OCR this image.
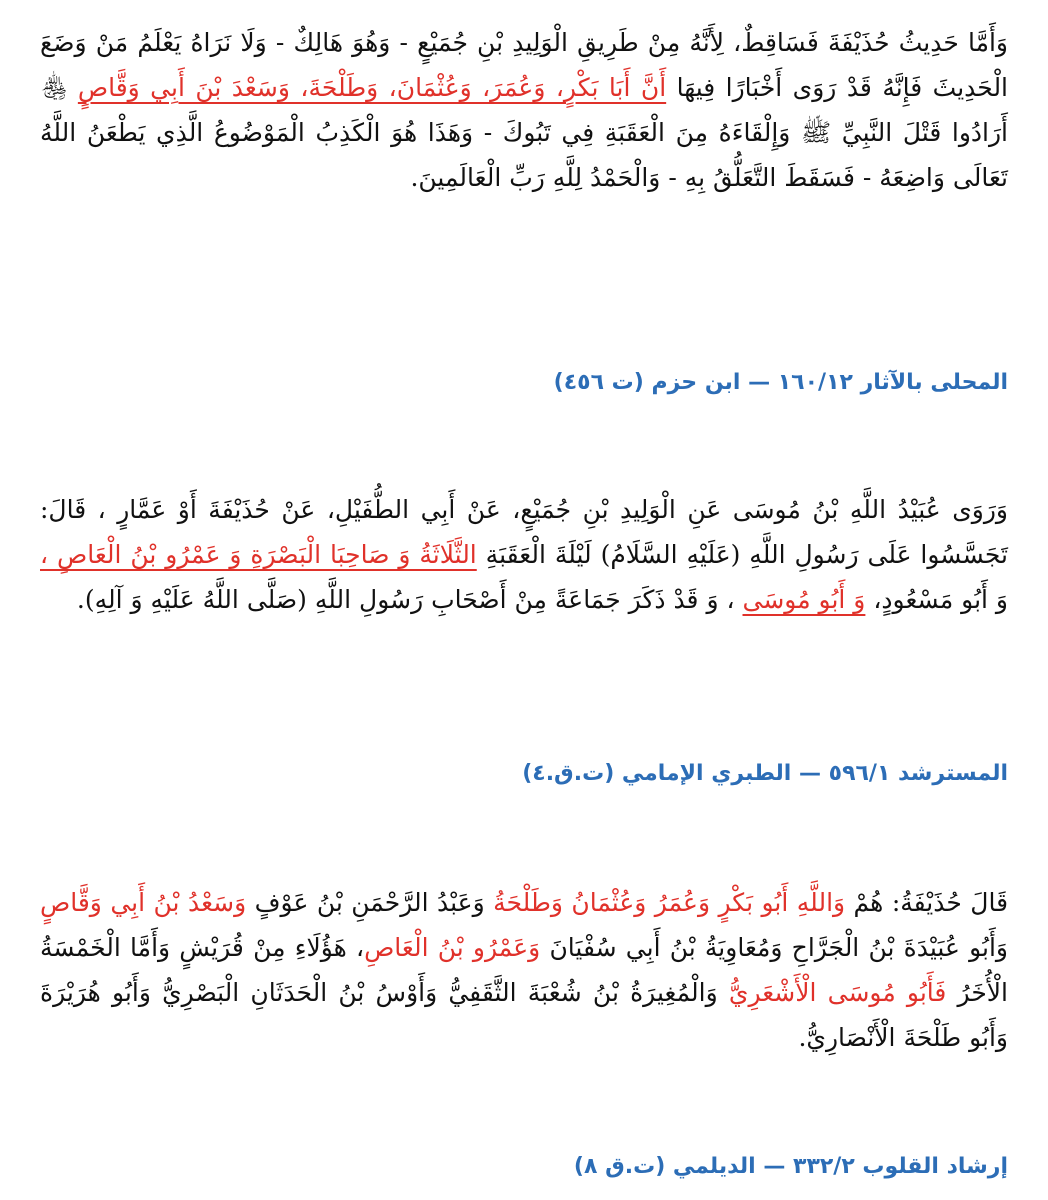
وَأَمَّا حَدِيثُ حُذَيْفَةَ فَسَاقِطٌ، لِأَنَّهُ مِنْ طَرِيقِ الْوَلِيدِ بْنِ جُمَيْعٍ - وَهُوَ هَالِكٌ - وَلَا نَرَاهُ يَعْلَمُ مَنْ وَضَعَ الْحَدِيثَ فَإِنَّهُ قَدْ رَوَى أَخْبَارًا فِيهَا أَنَّ أَبَا بَكْرٍ، وَعُمَرَ، وَعُثْمَانَ، وَطَلْحَةَ، وَسَعْدَ بْنَ أَبِي وَقَّاصٍ ﵃ أَرَادُوا قَتْلَ النَّبِيِّ ﷺ وَإِلْقَاءَهُ مِنَ الْعَقَبَةِ فِي تَبُوكَ - وَهَذَا هُوَ الْكَذِبُ الْمَوْضُوعُ الَّذِي يَطْعَنُ اللَّهُ تَعَالَى وَاضِعَهُ - فَسَقَطَ التَّعَلُّقُ بِهِ - وَالْحَمْدُ لِلَّهِ رَبِّ الْعَالَمِينَ.

المحلى بالآثار ١٦٠/١٢ — ابن حزم (ت ٤٥٦)

وَرَوَى عُبَيْدُ اللَّهِ بْنُ مُوسَى عَنِ الْوَلِيدِ بْنِ جُمَيْعٍ، عَنْ أَبِي الطُّفَيْلِ، عَنْ حُذَيْفَةَ أَوْ عَمَّارٍ ، قَالَ: تَجَسَّسُوا عَلَى رَسُولِ اللَّهِ (عَلَيْهِ السَّلَامُ) لَيْلَةَ الْعَقَبَةِ الثَّلَاثَةُ وَ صَاحِبَا الْبَصْرَةِ وَ عَمْرُو بْنُ الْعَاصِ ، وَ أَبُو مَسْعُودٍ، وَ أَبُو مُوسَى ، وَ قَدْ ذَكَرَ جَمَاعَةً مِنْ أَصْحَابِ رَسُولِ اللَّهِ (صَلَّى اللَّهُ عَلَيْهِ وَ آلِهِ).

المسترشد ٥٩٦/١ — الطبري الإمامي (ت.ق.٤)

قَالَ حُذَيْفَةُ: هُمْ وَاللَّهِ أَبُو بَكْرٍ وَعُمَرُ وَعُثْمَانُ وَطَلْحَةُ وَعَبْدُ الرَّحْمَنِ بْنُ عَوْفٍ وَسَعْدُ بْنُ أَبِي وَقَّاصٍ وَأَبُو عُبَيْدَةَ بْنُ الْجَرَّاحِ وَمُعَاوِيَةُ بْنُ أَبِي سُفْيَانَ وَعَمْرُو بْنُ الْعَاصِ، هَؤُلَاءِ مِنْ قُرَيْشٍ وَأَمَّا الْخَمْسَةُ الْأُخَرُ فَأَبُو مُوسَى الْأَشْعَرِيُّ وَالْمُغِيرَةُ بْنُ شُعْبَةَ الثَّقَفِيُّ وَأَوْسُ بْنُ الْحَدَثَانِ الْبَصْرِيُّ وَأَبُو هُرَيْرَةَ وَأَبُو طَلْحَةَ الْأَنْصَارِيُّ.

إرشاد القلوب ٣٣٢/٢ — الديلمي (ت.ق ٨)
